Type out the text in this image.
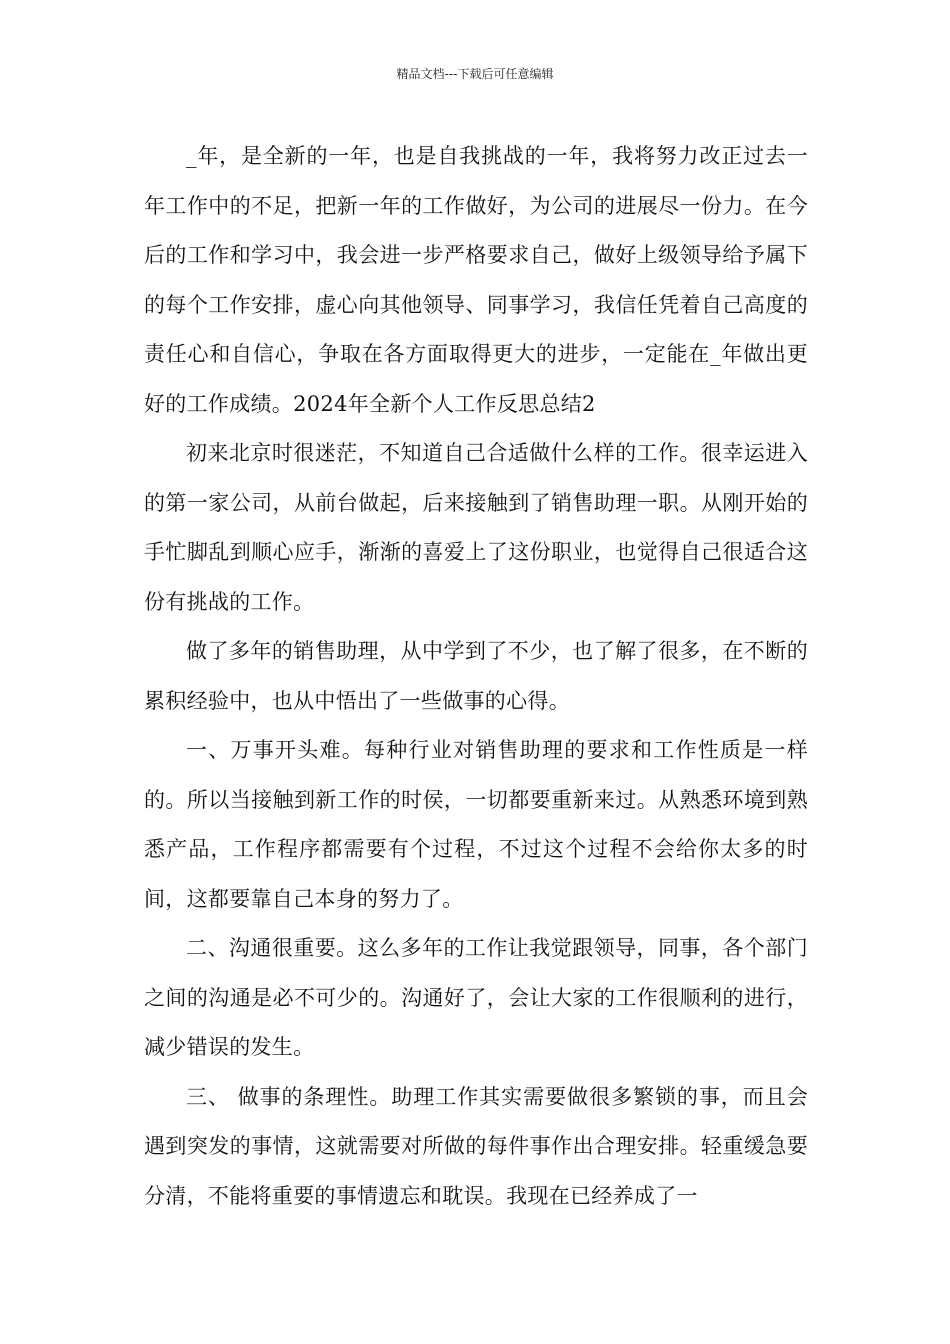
精品文档---下载后可任意编辑

_年，是全新的一年，也是自我挑战的一年，我将努力改正过去一年工作中的不足，把新一年的工作做好，为公司的进展尽一份力。在今后的工作和学习中，我会进一步严格要求自己，做好上级领导给予属下的每个工作安排，虚心向其他领导、同事学习，我信任凭着自己高度的责任心和自信心，争取在各方面取得更大的进步，一定能在_年做出更好的工作成绩。2024年全新个人工作反思总结2

初来北京时很迷茫，不知道自己合适做什么样的工作。很幸运进入的第一家公司，从前台做起，后来接触到了销售助理一职。从刚开始的手忙脚乱到顺心应手，渐渐的喜爱上了这份职业，也觉得自己很适合这份有挑战的工作。

做了多年的销售助理，从中学到了不少，也了解了很多，在不断的累积经验中，也从中悟出了一些做事的心得。

一、万事开头难。每种行业对销售助理的要求和工作性质是一样的。所以当接触到新工作的时侯，一切都要重新来过。从熟悉环境到熟悉产品，工作程序都需要有个过程，不过这个过程不会给你太多的时间，这都要靠自己本身的努力了。

二、沟通很重要。这么多年的工作让我觉跟领导，同事，各个部门之间的沟通是必不可少的。沟通好了，会让大家的工作很顺利的进行，减少错误的发生。

三、 做事的条理性。助理工作其实需要做很多繁锁的事，而且会遇到突发的事情，这就需要对所做的每件事作出合理安排。轻重缓急要分清，不能将重要的事情遗忘和耽误。我现在已经养成了一
